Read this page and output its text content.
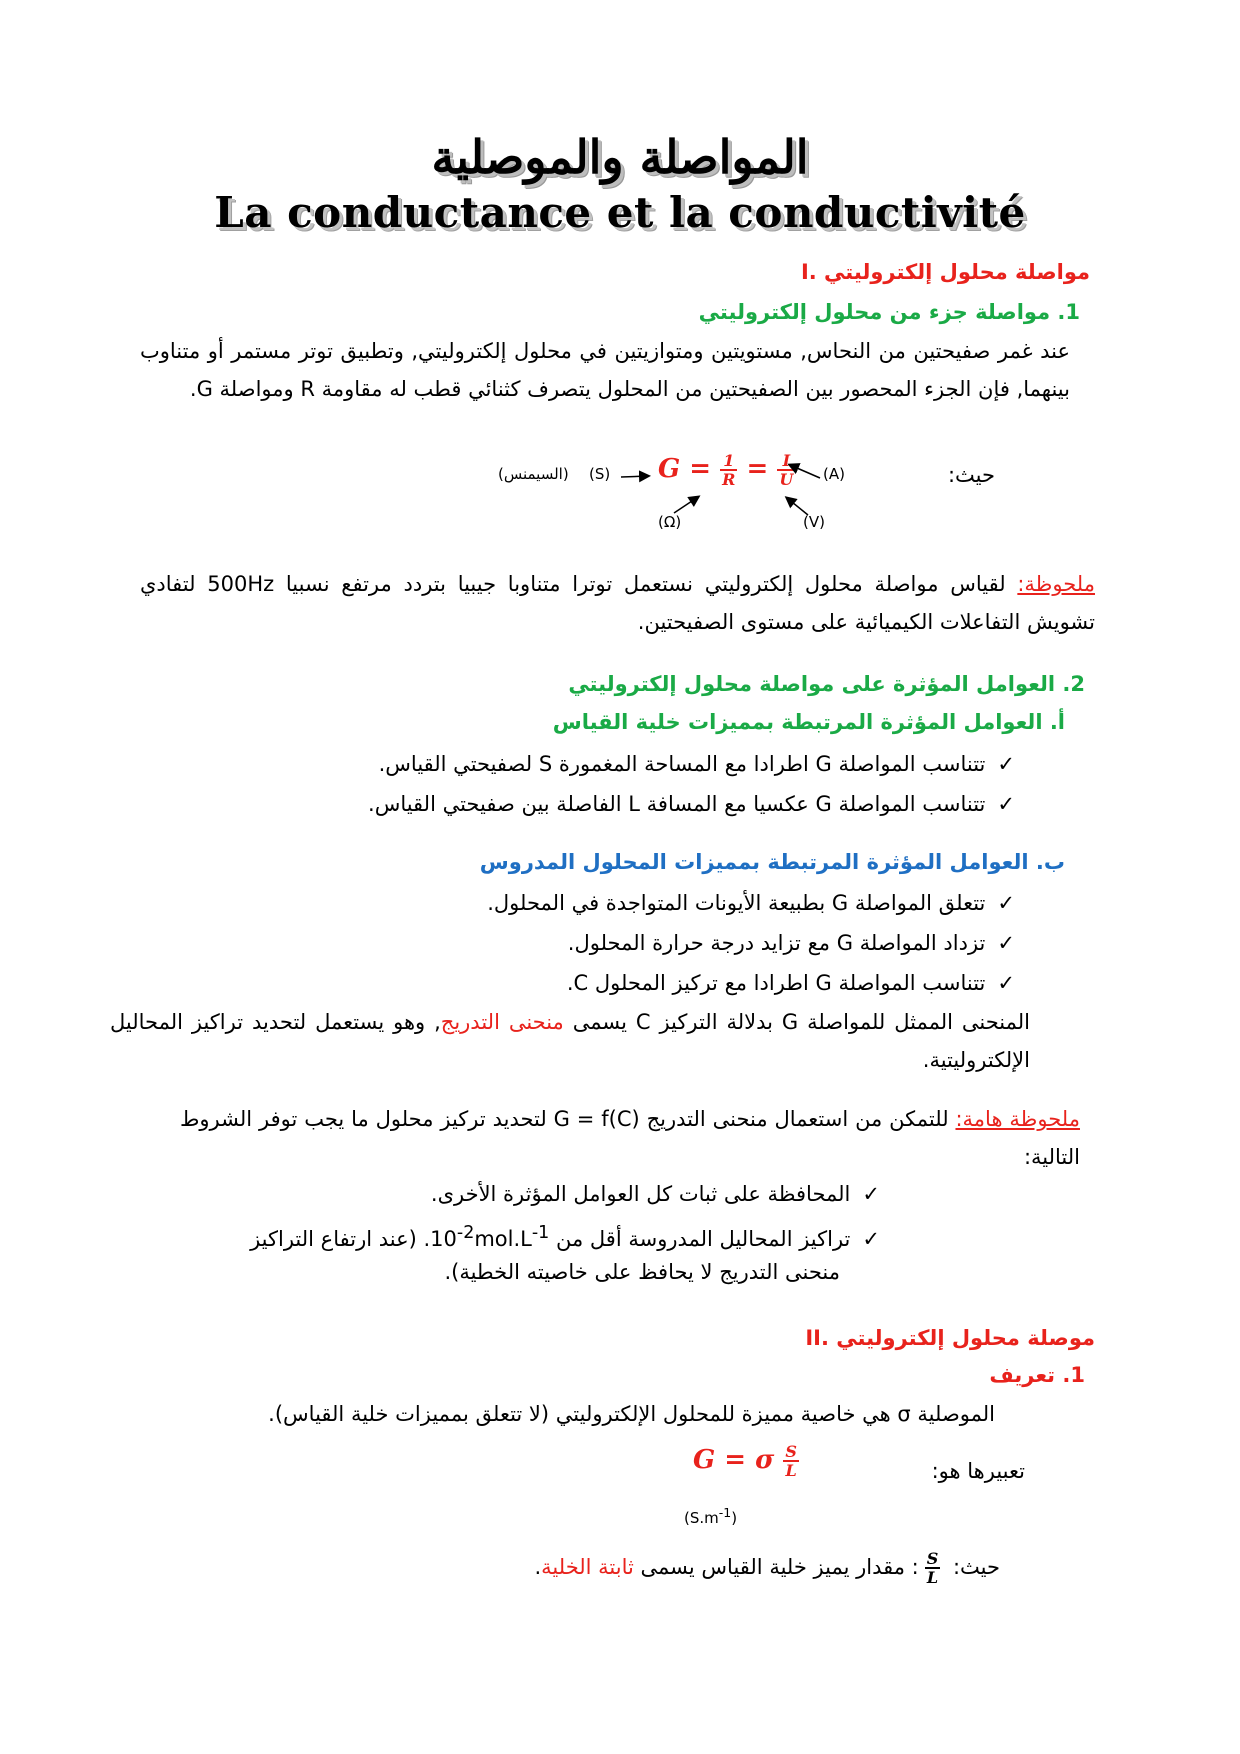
المواصلة والموصلية
La conductance et la conductivité
I. مواصلة محلول إلكتروليتي
1. مواصلة جزء من محلول إلكتروليتي
عند غمر صفيحتين من النحاس, مستويتين ومتوازيتين في محلول إلكتروليتي, وتطبيق توتر مستمر أو متناوب بينهما, فإن الجزء المحصور بين الصفيحتين من المحلول يتصرف كثنائي قطب له مقاومة R ومواصلة G.
حيث:
(السيمنس) (S)	(A)
(Ω)	(V)
$G = \frac{1}{R} = \frac{I}{U}$
ملحوظة: لقياس مواصلة محلول إلكتروليتي نستعمل توترا متناوبا جيبيا بتردد مرتفع نسبيا 500Hz لتفادي تشويش التفاعلات الكيميائية على مستوى الصفيحتين.
2. العوامل المؤثرة على مواصلة محلول إلكتروليتي
أ. العوامل المؤثرة المرتبطة بمميزات خلية القياس
✓تتناسب المواصلة G اطرادا مع المساحة المغمورة S لصفيحتي القياس.
✓تتناسب المواصلة G عكسيا مع المسافة L الفاصلة بين صفيحتي القياس.
ب. العوامل المؤثرة المرتبطة بمميزات المحلول المدروس
✓تتعلق المواصلة G بطبيعة الأيونات المتواجدة في المحلول.
✓تزداد المواصلة G مع تزايد درجة حرارة المحلول.
✓تتناسب المواصلة G اطرادا مع تركيز المحلول C.
المنحنى الممثل للمواصلة G بدلالة التركيز C يسمى منحنى التدريج, وهو يستعمل لتحديد تراكيز المحاليل الإلكتروليتية.
ملحوظة هامة: للتمكن من استعمال منحنى التدريج G = f(C) لتحديد تركيز محلول ما يجب توفر الشروط التالية:
✓المحافظة على ثبات كل العوامل المؤثرة الأخرى.
✓تراكيز المحاليل المدروسة أقل من $10^{-2}mol.L^{-1}$. (عند ارتفاع التراكيز
منحنى التدريج لا يحافظ على خاصيته الخطية).
II. موصلة محلول إلكتروليتي
1. تعريف
الموصلية σ هي خاصية مميزة للمحلول الإلكتروليتي (لا تتعلق بمميزات خلية القياس).
تعبيرها هو:
G = σ $\frac{S}{L}$
$(S.m^{-1})$
حيث:
$\frac{S}{L}$
: مقدار يميز خلية القياس يسمى ثابتة الخلية.
